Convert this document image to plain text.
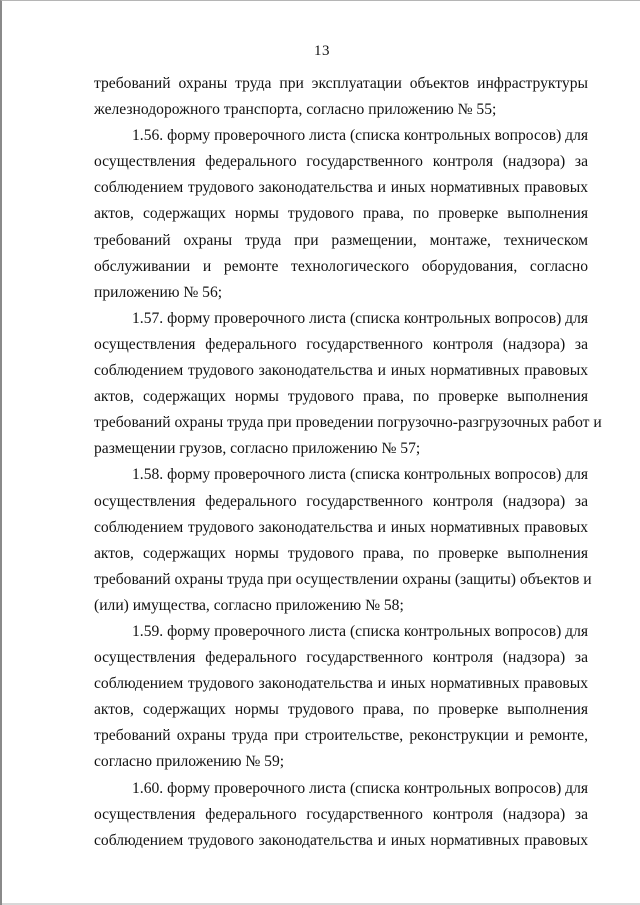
13
требований охраны труда при эксплуатации объектов инфраструктуры
железнодорожного транспорта, согласно приложению № 55;
1.56. форму проверочного листа (списка контрольных вопросов) для
осуществления федерального государственного контроля (надзора) за
соблюдением трудового законодательства и иных нормативных правовых
актов, содержащих нормы трудового права, по проверке выполнения
требований охраны труда при размещении, монтаже, техническом
обслуживании и ремонте технологического оборудования, согласно
приложению № 56;
1.57. форму проверочного листа (списка контрольных вопросов) для
осуществления федерального государственного контроля (надзора) за
соблюдением трудового законодательства и иных нормативных правовых
актов, содержащих нормы трудового права, по проверке выполнения
требований охраны труда при проведении погрузочно-разгрузочных работ и
размещении грузов, согласно приложению № 57;
1.58. форму проверочного листа (списка контрольных вопросов) для
осуществления федерального государственного контроля (надзора) за
соблюдением трудового законодательства и иных нормативных правовых
актов, содержащих нормы трудового права, по проверке выполнения
требований охраны труда при осуществлении охраны (защиты) объектов и
(или) имущества, согласно приложению № 58;
1.59. форму проверочного листа (списка контрольных вопросов) для
осуществления федерального государственного контроля (надзора) за
соблюдением трудового законодательства и иных нормативных правовых
актов, содержащих нормы трудового права, по проверке выполнения
требований охраны труда при строительстве, реконструкции и ремонте,
согласно приложению № 59;
1.60. форму проверочного листа (списка контрольных вопросов) для
осуществления федерального государственного контроля (надзора) за
соблюдением трудового законодательства и иных нормативных правовых
